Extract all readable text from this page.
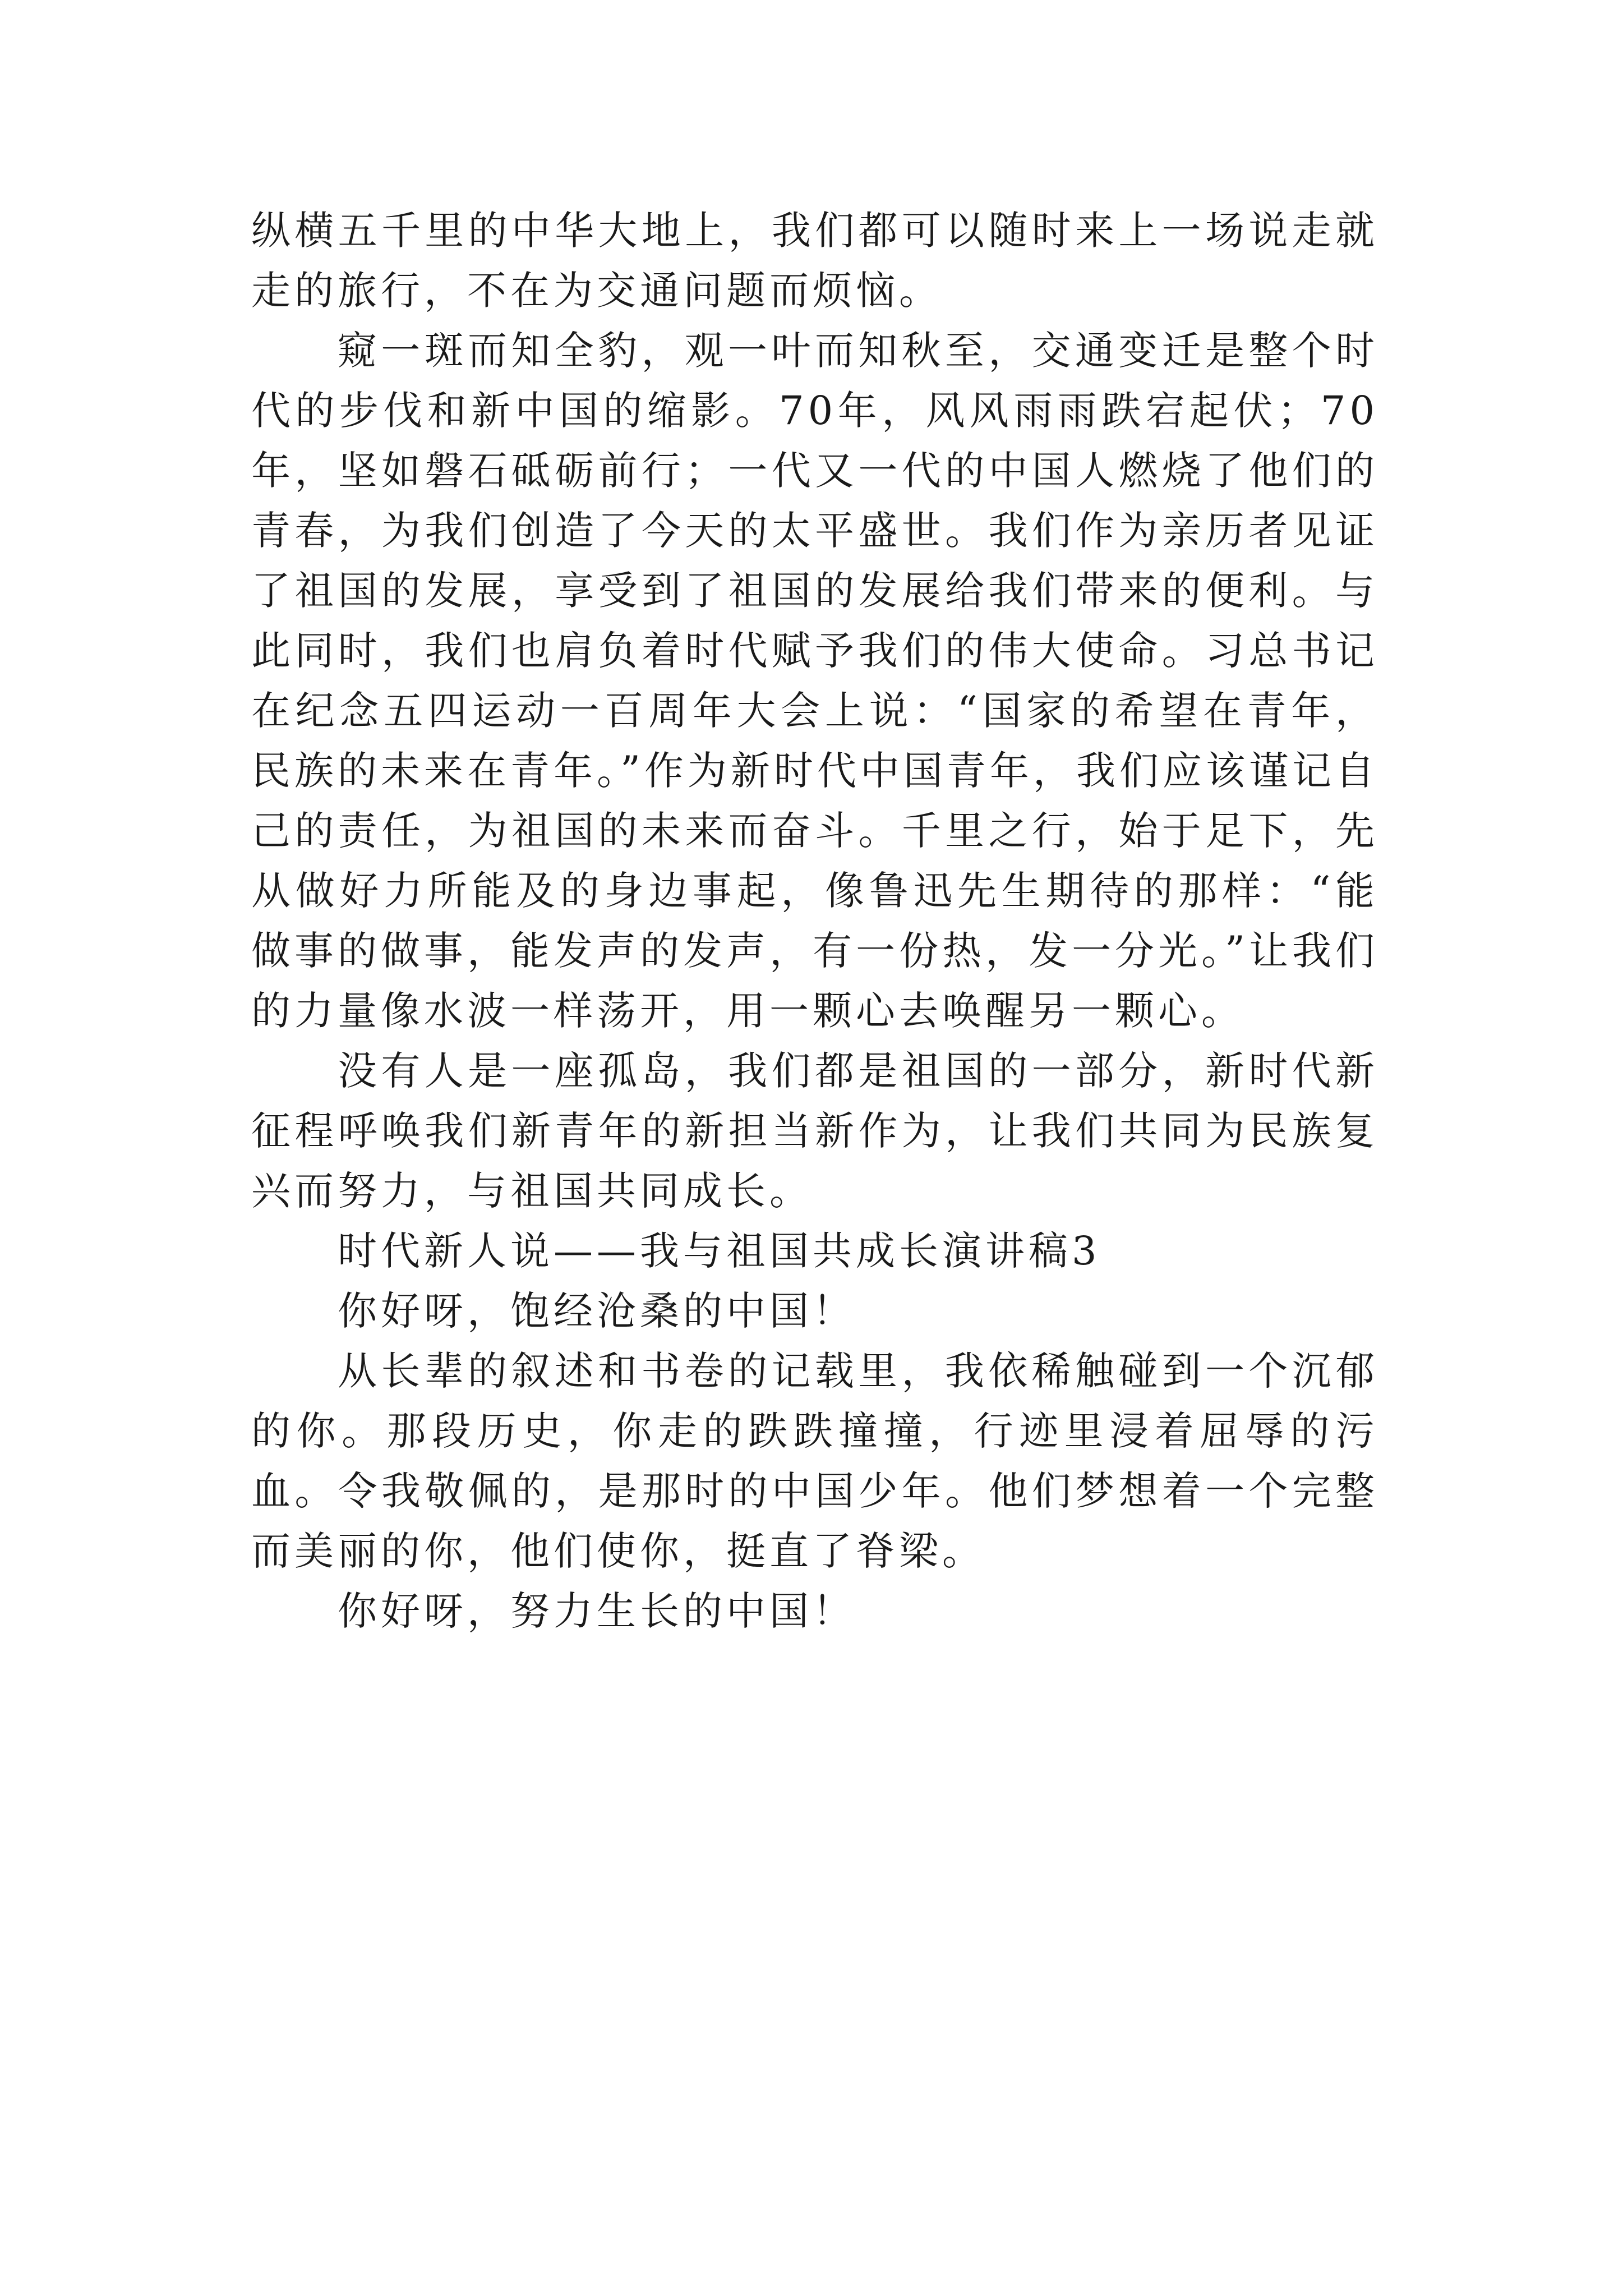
纵横五千里的中华大地上，我们都可以随时来上一场说走就走的旅行，不在为交通问题而烦恼。

窥一斑而知全豹，观一叶而知秋至，交通变迁是整个时代的步伐和新中国的缩影。70年，风风雨雨跌宕起伏；70年，坚如磐石砥砺前行；一代又一代的中国人燃烧了他们的青春，为我们创造了今天的太平盛世。我们作为亲历者见证了祖国的发展，享受到了祖国的发展给我们带来的便利。与此同时，我们也肩负着时代赋予我们的伟大使命。习总书记在纪念五四运动一百周年大会上说：“国家的希望在青年，民族的未来在青年。”作为新时代中国青年，我们应该谨记自己的责任，为祖国的未来而奋斗。千里之行，始于足下，先从做好力所能及的身边事起，像鲁迅先生期待的那样：“能做事的做事，能发声的发声，有一份热，发一分光。”让我们的力量像水波一样荡开，用一颗心去唤醒另一颗心。

没有人是一座孤岛，我们都是祖国的一部分，新时代新征程呼唤我们新青年的新担当新作为，让我们共同为民族复兴而努力，与祖国共同成长。

时代新人说——我与祖国共成长演讲稿3

你好呀，饱经沧桑的中国！

从长辈的叙述和书卷的记载里，我依稀触碰到一个沉郁的你。那段历史，你走的跌跌撞撞，行迹里浸着屈辱的污血。令我敬佩的，是那时的中国少年。他们梦想着一个完整而美丽的你，他们使你，挺直了脊梁。

你好呀，努力生长的中国！
